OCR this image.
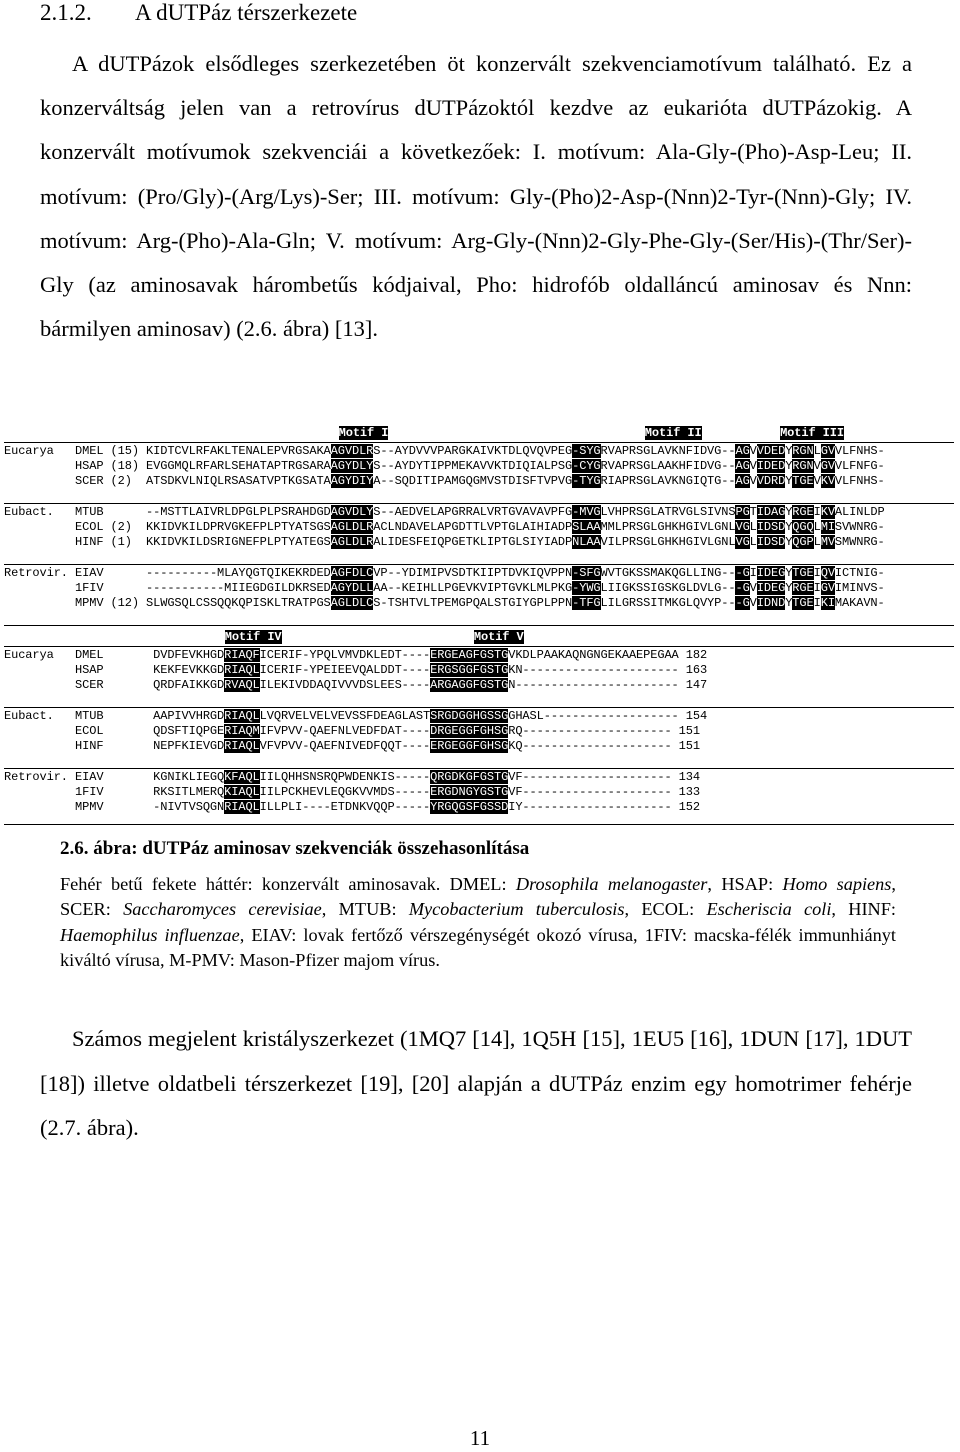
2.1.2. A dUTPáz térszerkezete

A dUTPázok elsődleges szerkezetében öt konzervált szekvenciamotívum található. Ez a konzerváltság jelen van a retrovírus dUTPázoktól kezdve az eukarióta dUTPázokig. A konzervált motívumok szekvenciái a következőek: I. motívum: Ala-Gly-(Pho)-Asp-Leu; II. motívum: (Pro/Gly)-(Arg/Lys)-Ser; III. motívum: Gly-(Pho)2-Asp-(Nnn)2-Tyr-(Nnn)-Gly; IV. motívum: Arg-(Pho)-Ala-Gln; V. motívum: Arg-Gly-(Nnn)2-Gly-Phe-Gly-(Ser/His)-(Thr/Ser)-Gly (az aminosavak hárombetűs kódjaival, Pho: hidrofób oldalláncú aminosav és Nnn: bármilyen aminosav) (2.6. ábra) [13].

Motif I	Motif II	Motif III
Motif IV	Motif V
Eucarya   DMEL (15) KIDTCVLRFAKLTENALEPVRGSAKAAGVDLRS--AYDVVVPARGKAIVKTDLQVQVPEG-SYGRVAPRSGLAVKNFIDVG--AGVVDEDYRGNLGVVLFNHS-
HSAP (18) EVGGMQLRFARLSEHATAPTRGSARAAGYDLYS--AYDYTIPPMEKAVVKTDIQIALPSG-CYGRVAPRSGLAAKHFIDVG--AGVIDEDYRGNVGVVLFNFG-
SCER (2)  ATSDKVLNIQLRSASATVPTKGSATAAGYDIYA--SQDITIPAMGQGMVSTDISFTVPVG-TYGRIAPRSGLAVKNGIQTG--AGVVDRDYTGEVKVVLFNHS-
Eubact.   MTUB      --MSTTLAIVRLDPGLPLPSRAHDGDAGVDLYS--AEDVELAPGRRALVRTGVAVAVPFG-MVGLVHPRSGLATRVGLSIVNSPGTIDAGYRGEIKVALINLDP
ECOL (2)  KKIDVKILDPRVGKEFPLPTYATSGSAGLDLRACLNDAVELAPGDTTLVPTGLAIHIADPSLAAMMLPRSGLGHKHGIVLGNLVGLIDSDYQGQLMISVWNRG-
HINF (1)  KKIDVKILDSRIGNEFPLPTYATEGSAGLDLRALIDESFEIQPGETKLIPTGLSIYIADPNLAAVILPRSGLGHKHGIVLGNLVGLIDSDYQGPLMVSMWNRG-
Retrovir. EIAV      ----------MLAYQGTQIKEKRDEDAGFDLCVP--YDIMIPVSDTKIIPTDVKIQVPPN-SFGWVTGKSSMAKQGLLING---GIIDEGYTGEIQVICTNIG-
1FIV      -----------MIIEGDGILDKRSEDAGYDLLAA--KEIHLLPGEVKVIPTGVKLMLPKG-YWGLIIGKSSIGSKGLDVLG---GVIDEGYRGEIGVIMINVS-
MPMV (12) SLWGSQLCSSQQKQPISKLTRATPGSAGLDLCS-TSHTVLTPEMGPQALSTGIYGPLPPN-TFGLILGRSSITMKGLQVYP---GVIDNDYTGEIKIMAKAVN-
Eucarya   DMEL       DVDFEVKHGDRIAQFICERIF-YPQLVMVDKLEDT----ERGEAGFGSTGVKDLPAAKAQNGNGEKAAEPEGAA 182
HSAP       KEKFEVKKGDRIAQLICERIF-YPEIEEVQALDDT----ERGSGGFGSTGKN---------------------- 163
SCER       QRDFAIKKGDRVAQLILEKIVDDAQIVVVDSLEES----ARGAGGFGSTGN----------------------- 147
Eubact.   MTUB       AAPIVVHRGDRIAQLLVQRVELVELVEVSSFDEAGLASTSRGDGGHGSSGGHASL------------------- 154
ECOL       QDSFTIQPGERIAQMIFVPVV-QAEFNLVEDFDAT----DRGEGGFGHSGRQ--------------------- 151
HINF       NEPFKIEVGDRIAQLVFVPVV-QAEFNIVEDFQQT----ERGEGGFGHSGKQ--------------------- 151
Retrovir. EIAV       KGNIKLIEGQKFAQLIILQHHSNSRQPWDENKIS-----QRGDKGFGSTGVF--------------------- 134
1FIV       RKSITLMERQKIAQLIILPCKHEVLEQGKVVMDS-----ERGDNGYGSTGVF--------------------- 133
MPMV       -NIVTVSQGNRIAQLILLPLI----ETDNKVQQP-----YRGQGSFGSSDIY--------------------- 152
2.6. ábra: dUTPáz aminosav szekvenciák összehasonlítása

Fehér betű fekete háttér: konzervált aminosavak. DMEL: Drosophila melanogaster, HSAP: Homo sapiens, SCER: Saccharomyces cerevisiae, MTUB: Mycobacterium tuberculosis, ECOL: Escheriscia coli, HINF: Haemophilus influenzae, EIAV: lovak fertőző vérszegénységét okozó vírusa, 1FIV: macska-félék immunhiányt kiváltó vírusa, M-PMV: Mason-Pfizer majom vírus.

Számos megjelent kristályszerkezet (1MQ7 [14], 1Q5H [15], 1EU5 [16], 1DUN [17], 1DUT [18]) illetve oldatbeli térszerkezet [19], [20] alapján a dUTPáz enzim egy homotrimer fehérje (2.7. ábra).

11
